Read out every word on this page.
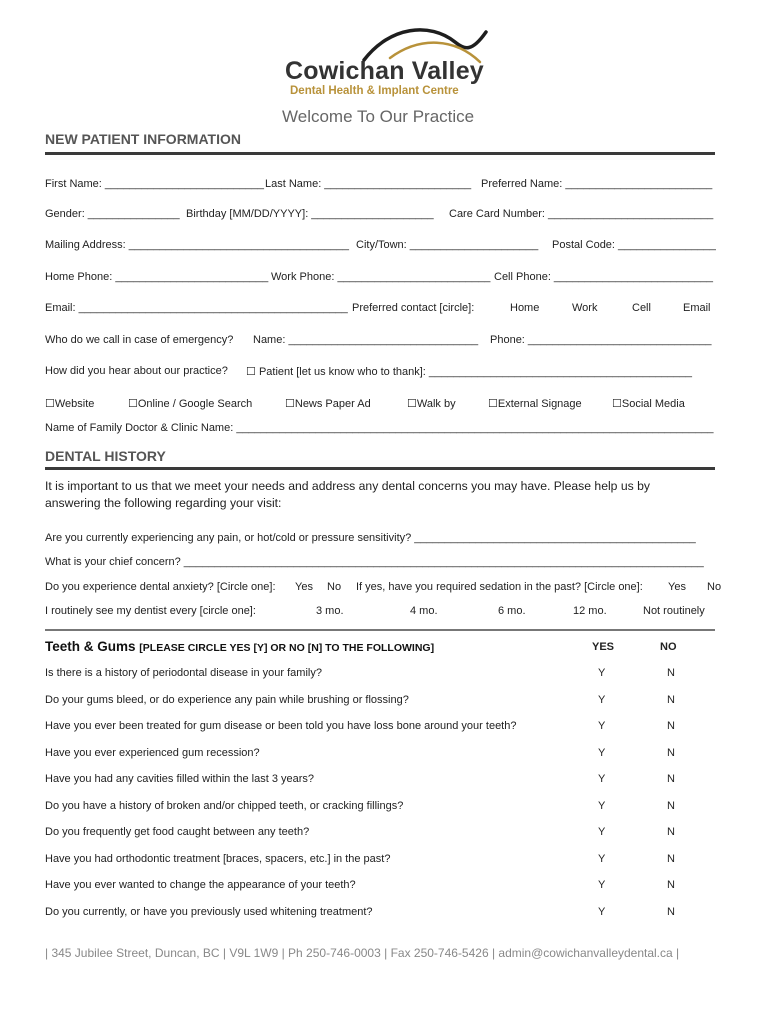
Cowichan Valley
Dental Health & Implant Centre
Welcome To Our Practice
NEW PATIENT INFORMATION
First Name: __________________________ Last Name: ________________________ Preferred Name: ________________________
Gender: _______________ Birthday [MM/DD/YYYY]: ____________________ Care Card Number: ___________________________
Mailing Address: ____________________________________ City/Town: _____________________ Postal Code: ________________
Home Phone: _________________________ Work Phone: _________________________ Cell Phone: __________________________
Email: ____________________________________________ Preferred contact [circle]:	Home	Work	Cell	Email
Who do we call in case of emergency? Name: _______________________________ Phone: ______________________________
How did you hear about our practice? ☐ Patient [let us know who to thank]: ___________________________________________
☐Website	☐Online / Google Search	☐News Paper Ad	☐Walk by	☐External Signage	☐Social Media
Name of Family Doctor & Clinic Name: ______________________________________________________________________________
DENTAL HISTORY
It is important to us that we meet your needs and address any dental concerns you may have. Please help us by
answering the following regarding your visit:
Are you currently experiencing any pain, or hot/cold or pressure sensitivity? ______________________________________________
What is your chief concern? _____________________________________________________________________________________
Do you experience dental anxiety? [Circle one]: Yes No If yes, have you required sedation in the past? [Circle one]: Yes No
I routinely see my dentist every [circle one]:	3 mo.	4 mo.	6 mo.	12 mo.	Not routinely
Teeth & Gums [PLEASE CIRCLE YES [Y] OR NO [N] TO THE FOLLOWING]	YES	NO
Is there is a history of periodontal disease in your family?	Y	N
Do your gums bleed, or do experience any pain while brushing or flossing?	Y	N
Have you ever been treated for gum disease or been told you have loss bone around your teeth?	Y	N
Have you ever experienced gum recession?	Y	N
Have you had any cavities filled within the last 3 years?	Y	N
Do you have a history of broken and/or chipped teeth, or cracking fillings?	Y	N
Do you frequently get food caught between any teeth?	Y	N
Have you had orthodontic treatment [braces, spacers, etc.] in the past?	Y	N
Have you ever wanted to change the appearance of your teeth?	Y	N
Do you currently, or have you previously used whitening treatment?	Y	N
| 345 Jubilee Street, Duncan, BC | V9L 1W9 | Ph 250-746-0003 | Fax 250-746-5426 | admin@cowichanvalleydental.ca |
